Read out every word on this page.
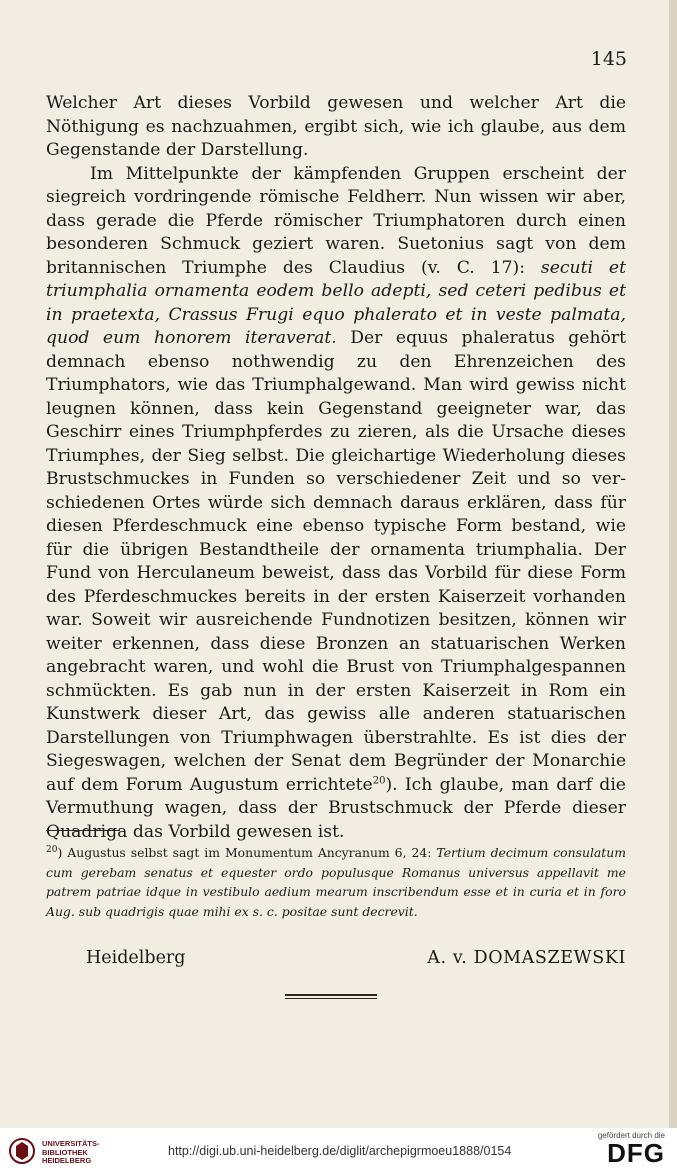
145

Welcher Art dieses Vorbild gewesen und welcher Art die Nöthigung es nachzuahmen, ergibt sich, wie ich glaube, aus dem Gegenstande der Darstellung.

Im Mittelpunkte der kämpfenden Gruppen erscheint der siegreich vordringende römische Feldherr. Nun wissen wir aber, dass gerade die Pferde römischer Triumphatoren durch einen besonderen Schmuck geziert waren. Suetonius sagt von dem britannischen Triumphe des Claudius (v. C. 17): secuti et triumphalia ornamenta eodem bello adepti, sed ceteri pedibus et in praetexta, Crassus Frugi equo phalerato et in veste palmata, quod eum honorem iteraverat. Der equus phaleratus gehört demnach ebenso nothwendig zu den Ehrenzeichen des Triumphators, wie das Triumphalgewand. Man wird gewiss nicht leugnen können, dass kein Gegenstand geeigneter war, das Geschirr eines Triumphpferdes zu zieren, als die Ursache dieses Triumphes, der Sieg selbst. Die gleichartige Wiederholung dieses Brustschmuckes in Funden so verschiedener Zeit und so verschiedenen Ortes würde sich demnach daraus erklären, dass für diesen Pferdeschmuck eine ebenso typische Form bestand, wie für die übrigen Bestandtheile der ornamenta triumphalia. Der Fund von Herculaneum beweist, dass das Vorbild für diese Form des Pferdeschmuckes bereits in der ersten Kaiserzeit vorhanden war. Soweit wir ausreichende Fundnotizen besitzen, können wir weiter erkennen, dass diese Bronzen an statuarischen Werken angebracht waren, und wohl die Brust von Triumphalgespannen schmückten. Es gab nun in der ersten Kaiserzeit in Rom ein Kunstwerk dieser Art, das gewiss alle anderen statuarischen Darstellungen von Triumphwagen überstrahlte. Es ist dies der Siegeswagen, welchen der Senat dem Begründer der Monarchie auf dem Forum Augustum errichtete$^{20}$). Ich glaube, man darf die Vermuthung wagen, dass der Brustschmuck der Pferde dieser Quadriga das Vorbild gewesen ist.

$^{20}$) Augustus selbst sagt im Monumentum Ancyranum 6, 24: Tertium decimum consulatum cum gerebam senatus et equester ordo populusque Romanus universus appellavit me patrem patriae idque in vestibulo aedium mearum inscribendum esse et in curia et in foro Aug. sub quadrigis quae mihi ex s. c. positae sunt decrevit.
Heidelberg	A. v. DOMASZEWSKI
UNIVERSITÄTS-
BIBLIOTHEK
HEIDELBERG
http://digi.ub.uni-heidelberg.de/diglit/archepigrmoeu1888/0154
gefördert durch die
DFG
